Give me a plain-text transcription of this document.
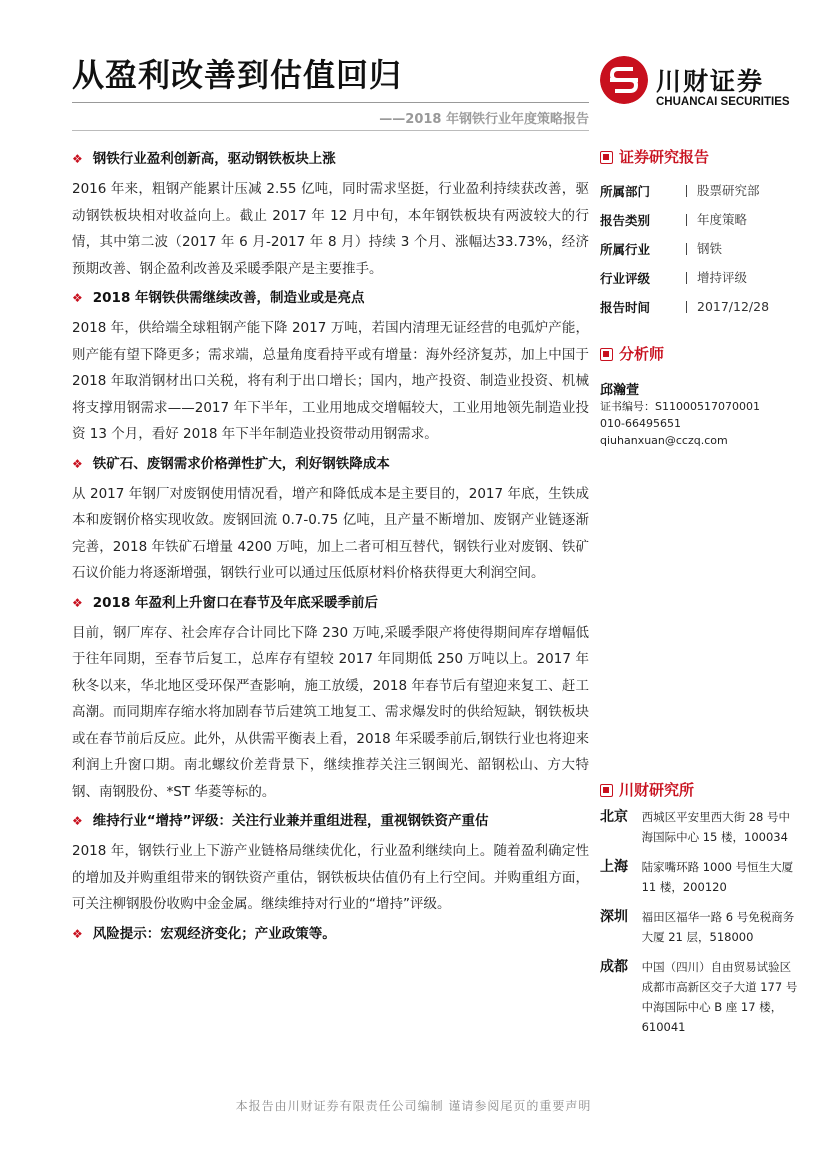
从盈利改善到估值回归
——2018 年钢铁行业年度策略报告
川财证券
CHUANCAI SECURITIES
❖ 钢铁行业盈利创新高，驱动钢铁板块上涨
2016 年来，粗钢产能累计压减 2.55 亿吨，同时需求坚挺，行业盈利持续获改善，驱动钢铁板块相对收益向上。截止 2017 年 12 月中旬，本年钢铁板块有两波较大的行情，其中第二波（2017 年 6 月-2017 年 8 月）持续 3 个月、涨幅达33.73%，经济预期改善、钢企盈利改善及采暖季限产是主要推手。
❖ 2018 年钢铁供需继续改善，制造业或是亮点
2018 年，供给端全球粗钢产能下降 2017 万吨，若国内清理无证经营的电弧炉产能，则产能有望下降更多；需求端，总量角度看持平或有增量：海外经济复苏，加上中国于 2018 年取消钢材出口关税，将有利于出口增长；国内，地产投资、制造业投资、机械将支撑用钢需求——2017 年下半年，工业用地成交增幅较大，工业用地领先制造业投资 13 个月，看好 2018 年下半年制造业投资带动用钢需求。
❖ 铁矿石、废钢需求价格弹性扩大，利好钢铁降成本
从 2017 年钢厂对废钢使用情况看，增产和降低成本是主要目的，2017 年底，生铁成本和废钢价格实现收敛。废钢回流 0.7-0.75 亿吨，且产量不断增加、废钢产业链逐渐完善，2018 年铁矿石增量 4200 万吨，加上二者可相互替代，钢铁行业对废钢、铁矿石议价能力将逐渐增强，钢铁行业可以通过压低原材料价格获得更大利润空间。
❖ 2018 年盈利上升窗口在春节及年底采暖季前后
目前，钢厂库存、社会库存合计同比下降 230 万吨,采暖季限产将使得期间库存增幅低于往年同期，至春节后复工，总库存有望较 2017 年同期低 250 万吨以上。2017 年秋冬以来，华北地区受环保严查影响，施工放缓，2018 年春节后有望迎来复工、赶工高潮。而同期库存缩水将加剧春节后建筑工地复工、需求爆发时的供给短缺，钢铁板块或在春节前后反应。此外，从供需平衡表上看，2018 年采暖季前后,钢铁行业也将迎来利润上升窗口期。南北螺纹价差背景下，继续推荐关注三钢闽光、韶钢松山、方大特钢、南钢股份、*ST 华菱等标的。
❖ 维持行业“增持”评级：关注行业兼并重组进程，重视钢铁资产重估
2018 年，钢铁行业上下游产业链格局继续优化，行业盈利继续向上。随着盈利确定性的增加及并购重组带来的钢铁资产重估，钢铁板块估值仍有上行空间。并购重组方面，可关注柳钢股份收购中金金属。继续维持对行业的“增持”评级。
❖ 风险提示：宏观经济变化；产业政策等。
证券研究报告
所属部门	股票研究部
报告类别	年度策略
所属行业	钢铁
行业评级	增持评级
报告时间	2017/12/28
分析师
邱瀚萱
证书编号：S1100051707000​1
010-66495651
qiuhanxuan@cczq.com
川财研究所
北京	西城区平安里西大街 28 号中海国际中心 15 楼，100034
上海	陆家嘴环路 1000 号恒生大厦 11 楼，200120
深圳	福田区福华一路 6 号免税商务大厦 21 层，518000
成都	中国（四川）自由贸易试验区成都市高新区交子大道 177 号中海国际中心 B 座 17 楼，610041
本报告由川财证券有限责任公司编制 谨请参阅尾页的重要声明
